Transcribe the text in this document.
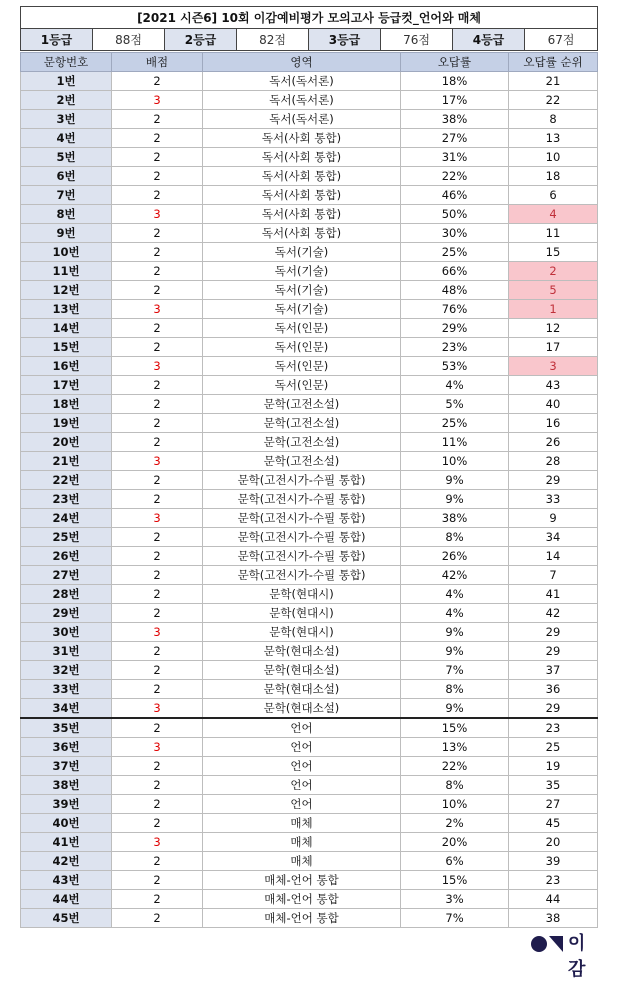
[2021 시즌6] 10회 이감예비평가 모의고사 등급컷_언어와 매체
1등급	88점	2등급	82점	3등급	76점	4등급	67점
문항번호	배점	영역	오답률	오답률 순위
1번	2	독서(독서론)	18%	21
2번	3	독서(독서론)	17%	22
3번	2	독서(독서론)	38%	8
4번	2	독서(사회 통합)	27%	13
5번	2	독서(사회 통합)	31%	10
6번	2	독서(사회 통합)	22%	18
7번	2	독서(사회 통합)	46%	6
8번	3	독서(사회 통합)	50%	4
9번	2	독서(사회 통합)	30%	11
10번	2	독서(기술)	25%	15
11번	2	독서(기술)	66%	2
12번	2	독서(기술)	48%	5
13번	3	독서(기술)	76%	1
14번	2	독서(인문)	29%	12
15번	2	독서(인문)	23%	17
16번	3	독서(인문)	53%	3
17번	2	독서(인문)	4%	43
18번	2	문학(고전소설)	5%	40
19번	2	문학(고전소설)	25%	16
20번	2	문학(고전소설)	11%	26
21번	3	문학(고전소설)	10%	28
22번	2	문학(고전시가-수필 통합)	9%	29
23번	2	문학(고전시가-수필 통합)	9%	33
24번	3	문학(고전시가-수필 통합)	38%	9
25번	2	문학(고전시가-수필 통합)	8%	34
26번	2	문학(고전시가-수필 통합)	26%	14
27번	2	문학(고전시가-수필 통합)	42%	7
28번	2	문학(현대시)	4%	41
29번	2	문학(현대시)	4%	42
30번	3	문학(현대시)	9%	29
31번	2	문학(현대소설)	9%	29
32번	2	문학(현대소설)	7%	37
33번	2	문학(현대소설)	8%	36
34번	3	문학(현대소설)	9%	29
35번	2	언어	15%	23
36번	3	언어	13%	25
37번	2	언어	22%	19
38번	2	언어	8%	35
39번	2	언어	10%	27
40번	2	매체	2%	45
41번	3	매체	20%	20
42번	2	매체	6%	39
43번	2	매체-언어 통합	15%	23
44번	2	매체-언어 통합	3%	44
45번	2	매체-언어 통합	7%	38
이감
